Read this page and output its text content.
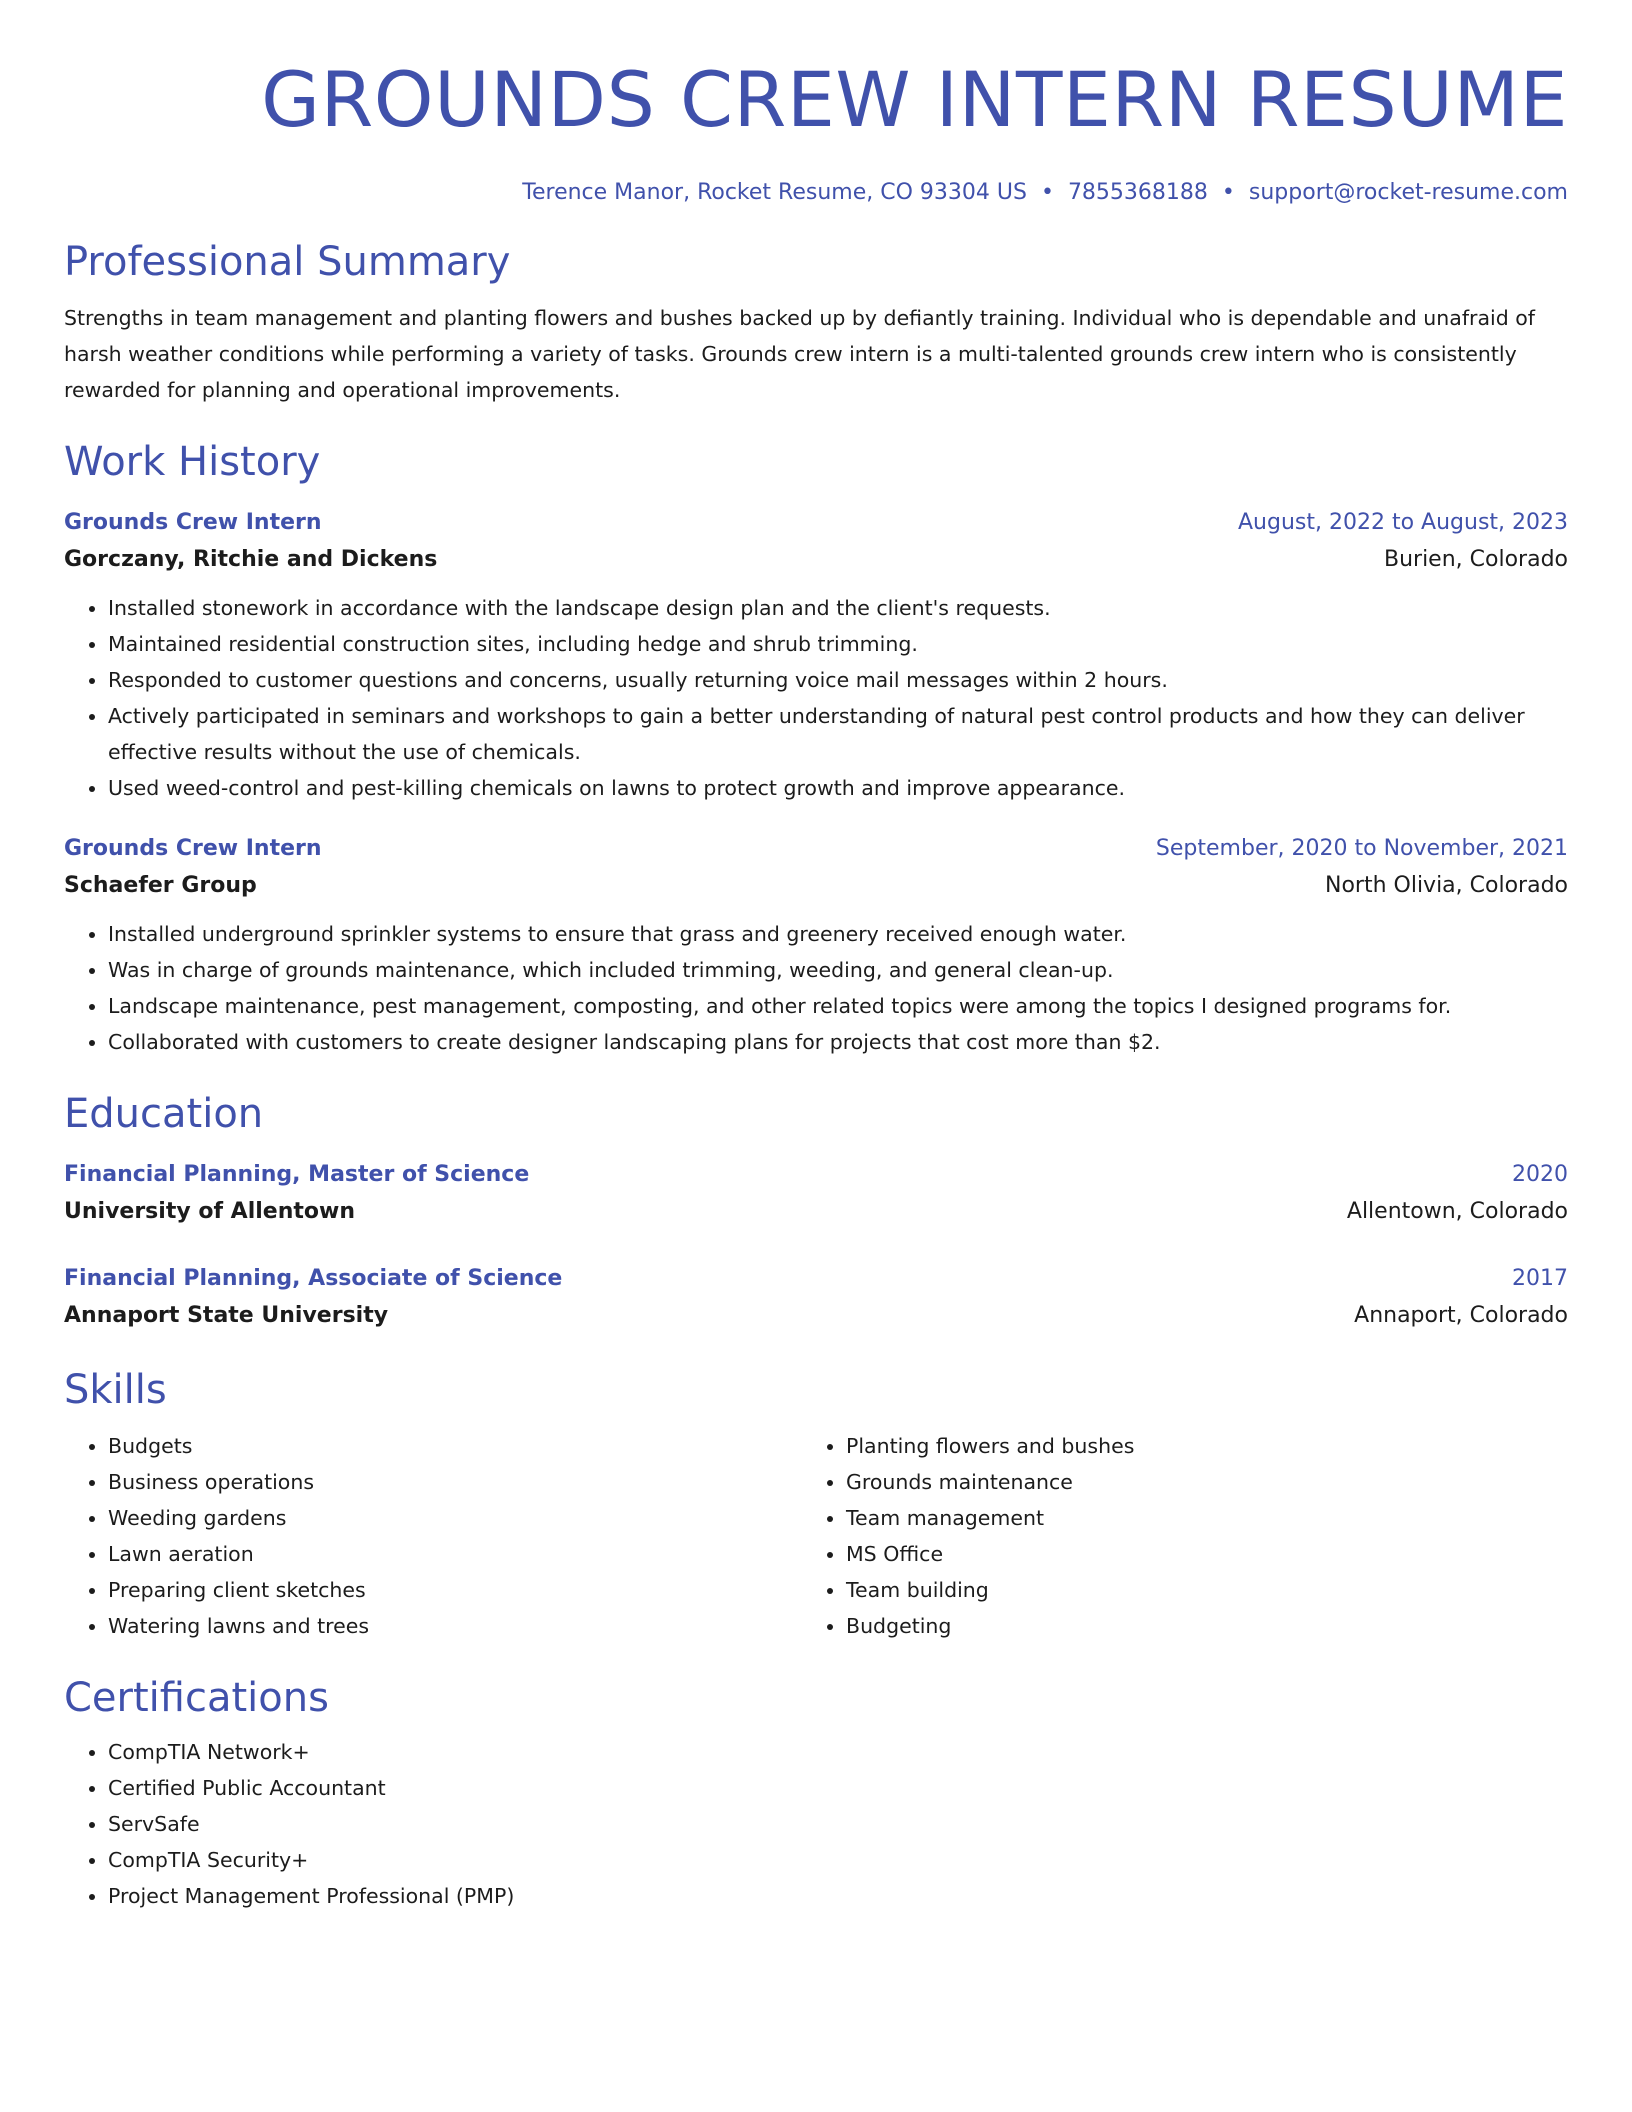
GROUNDS CREW INTERN RESUME
Terence Manor, Rocket Resume, CO 93304 US • 7855368188 • support@rocket-resume.com
Professional Summary
Strengths in team management and planting flowers and bushes backed up by defiantly training. Individual who is dependable and unafraid of harsh weather conditions while performing a variety of tasks. Grounds crew intern is a multi-talented grounds crew intern who is consistently rewarded for planning and operational improvements.
Work History
Grounds Crew Intern	August, 2022 to August, 2023
Gorczany, Ritchie and Dickens	Burien, Colorado
• Installed stonework in accordance with the landscape design plan and the client's requests.
• Maintained residential construction sites, including hedge and shrub trimming.
• Responded to customer questions and concerns, usually returning voice mail messages within 2 hours.
• Actively participated in seminars and workshops to gain a better understanding of natural pest control products and how they can deliver effective results without the use of chemicals.
• Used weed-control and pest-killing chemicals on lawns to protect growth and improve appearance.
Grounds Crew Intern	September, 2020 to November, 2021
Schaefer Group	North Olivia, Colorado
• Installed underground sprinkler systems to ensure that grass and greenery received enough water.
• Was in charge of grounds maintenance, which included trimming, weeding, and general clean-up.
• Landscape maintenance, pest management, composting, and other related topics were among the topics I designed programs for.
• Collaborated with customers to create designer landscaping plans for projects that cost more than $2.
Education
Financial Planning, Master of Science	2020
University of Allentown	Allentown, Colorado
Financial Planning, Associate of Science	2017
Annaport State University	Annaport, Colorado
Skills
• Budgets
• Business operations
• Weeding gardens
• Lawn aeration
• Preparing client sketches
• Watering lawns and trees
• Planting flowers and bushes
• Grounds maintenance
• Team management
• MS Office
• Team building
• Budgeting
Certifications
• CompTIA Network+
• Certified Public Accountant
• ServSafe
• CompTIA Security+
• Project Management Professional (PMP)
